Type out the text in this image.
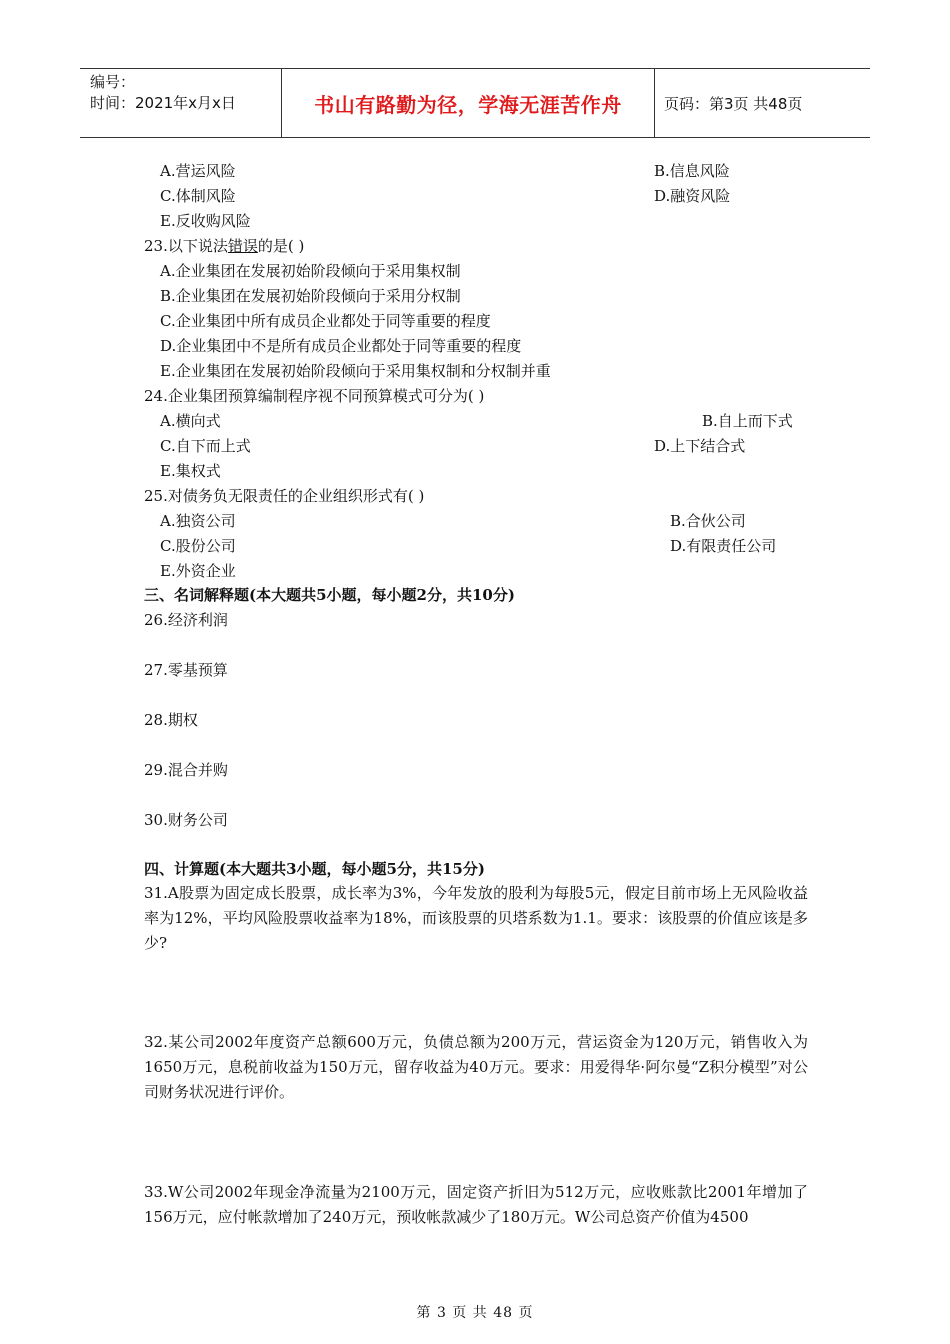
编号：
时间：2021年x月x日	书山有路勤为径，学海无涯苦作舟	页码：第3页 共48页
A.营运风险	B.信息风险
C.体制风险	D.融资风险
E.反收购风险
23.以下说法错误的是( )
A.企业集团在发展初始阶段倾向于采用集权制
B.企业集团在发展初始阶段倾向于采用分权制
C.企业集团中所有成员企业都处于同等重要的程度
D.企业集团中不是所有成员企业都处于同等重要的程度
E.企业集团在发展初始阶段倾向于采用集权制和分权制并重
24.企业集团预算编制程序视不同预算模式可分为( )
A.横向式	B.自上而下式
C.自下而上式	D.上下结合式
E.集权式
25.对债务负无限责任的企业组织形式有( )
A.独资公司	B.合伙公司
C.股份公司	D.有限责任公司
E.外资企业
三、名词解释题(本大题共5小题，每小题2分，共10分)
26.经济利润
27.零基预算
28.期权
29.混合并购
30.财务公司
四、计算题(本大题共3小题，每小题5分，共15分)
31.A股票为固定成长股票，成长率为3%，今年发放的股利为每股5元，假定目前市场上无风险收益率为12%，平均风险股票收益率为18%，而该股票的贝塔系数为1.1。要求：该股票的价值应该是多少?
32.某公司2002年度资产总额600万元，负债总额为200万元，营运资金为120万元，销售收入为1650万元，息税前收益为150万元，留存收益为40万元。要求：用爱得华·阿尔曼“Z积分模型”对公司财务状况进行评价。
33.W公司2002年现金净流量为2100万元，固定资产折旧为512万元，应收账款比2001年增加了156万元，应付帐款增加了240万元，预收帐款减少了180万元。W公司总资产价值为4500
第 3 页 共 48 页
